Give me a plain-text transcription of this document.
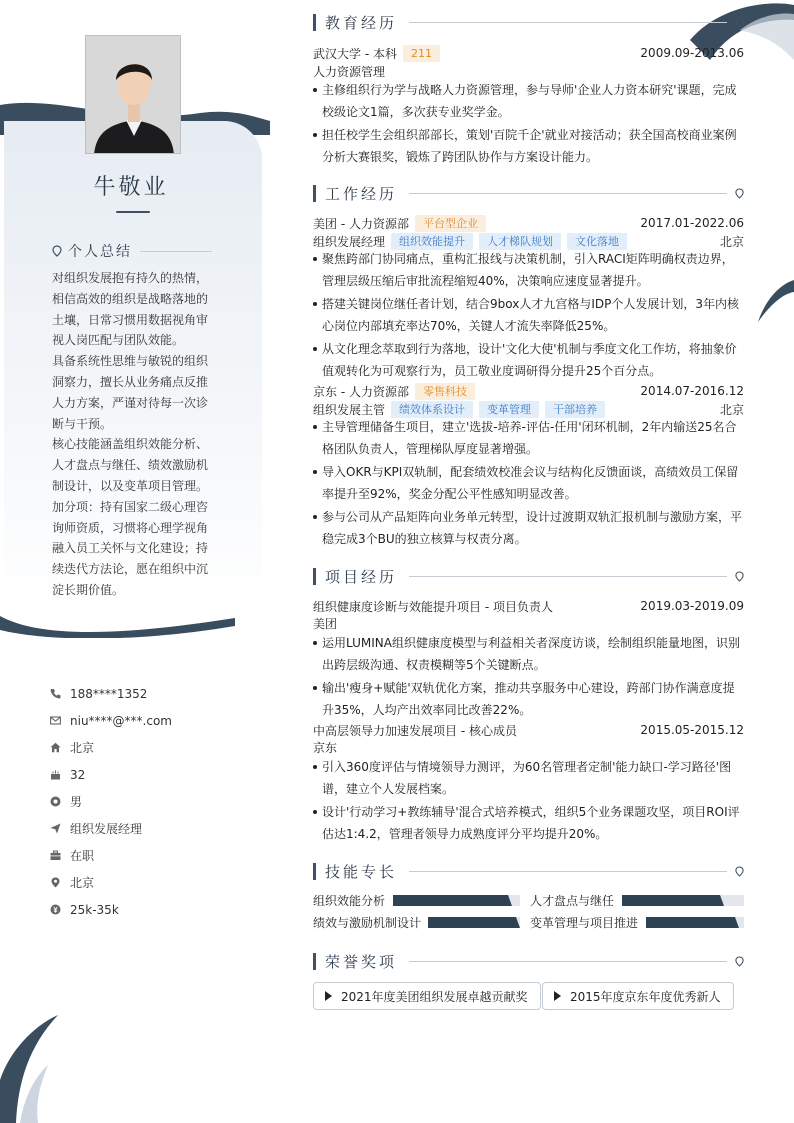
牛敬业
个人总结

对组织发展抱有持久的热情，相信高效的组织是战略落地的土壤，日常习惯用数据视角审视人岗匹配与团队效能。

具备系统性思维与敏锐的组织洞察力，擅长从业务痛点反推人力方案，严谨对待每一次诊断与干预。

核心技能涵盖组织效能分析、人才盘点与继任、绩效激励机制设计，以及变革项目管理。

加分项：持有国家二级心理咨询师资质，习惯将心理学视角融入员工关怀与文化建设；持续迭代方法论，愿在组织中沉淀长期价值。

188****1352
niu****@***.com
北京
32
男
组织发展经理
在职
北京
25k-35k
教育经历
武汉大学 - 本科	211	2009.09-2013.06
人力资源管理
主修组织行为学与战略人力资源管理，参与导师'企业人力资本研究'课题，完成校级论文1篇，多次获专业奖学金。
担任校学生会组织部部长，策划'百院千企'就业对接活动；获全国高校商业案例分析大赛银奖，锻炼了跨团队协作与方案设计能力。
工作经历
美团 - 人力资源部	平台型企业	2017.01-2022.06
组织发展经理	组织效能提升	人才梯队规划	文化落地	北京
聚焦跨部门协同痛点，重构汇报线与决策机制，引入RACI矩阵明确权责边界，管理层级压缩后审批流程缩短40%，决策响应速度显著提升。
搭建关键岗位继任者计划，结合9box人才九宫格与IDP个人发展计划，3年内核心岗位内部填充率达70%，关键人才流失率降低25%。
从文化理念萃取到行为落地，设计'文化大使'机制与季度文化工作坊，将抽象价值观转化为可观察行为，员工敬业度调研得分提升25个百分点。
京东 - 人力资源部	零售科技	2014.07-2016.12
组织发展主管	绩效体系设计	变革管理	干部培养	北京
主导管理储备生项目，建立'选拔-培养-评估-任用'闭环机制，2年内输送25名合格团队负责人，管理梯队厚度显著增强。
导入OKR与KPI双轨制，配套绩效校准会议与结构化反馈面谈，高绩效员工保留率提升至92%，奖金分配公平性感知明显改善。
参与公司从产品矩阵向业务单元转型，设计过渡期双轨汇报机制与激励方案，平稳完成3个BU的独立核算与权责分离。
项目经历
组织健康度诊断与效能提升项目 - 项目负责人	2019.03-2019.09
美团
运用LUMINA组织健康度模型与利益相关者深度访谈，绘制组织能量地图，识别出跨层级沟通、权责模糊等5个关键断点。
输出'瘦身+赋能'双轨优化方案，推动共享服务中心建设，跨部门协作满意度提升35%，人均产出效率同比改善22%。
中高层领导力加速发展项目 - 核心成员	2015.05-2015.12
京东
引入360度评估与情境领导力测评，为60名管理者定制'能力缺口-学习路径'图谱，建立个人发展档案。
设计'行动学习+教练辅导'混合式培养模式，组织5个业务课题攻坚，项目ROI评估达1:4.2，管理者领导力成熟度评分平均提升20%。
技能专长
组织效能分析	人才盘点与继任
绩效与激励机制设计	变革管理与项目推进
荣誉奖项
2021年度美团组织发展卓越贡献奖	2015年度京东年度优秀新人
